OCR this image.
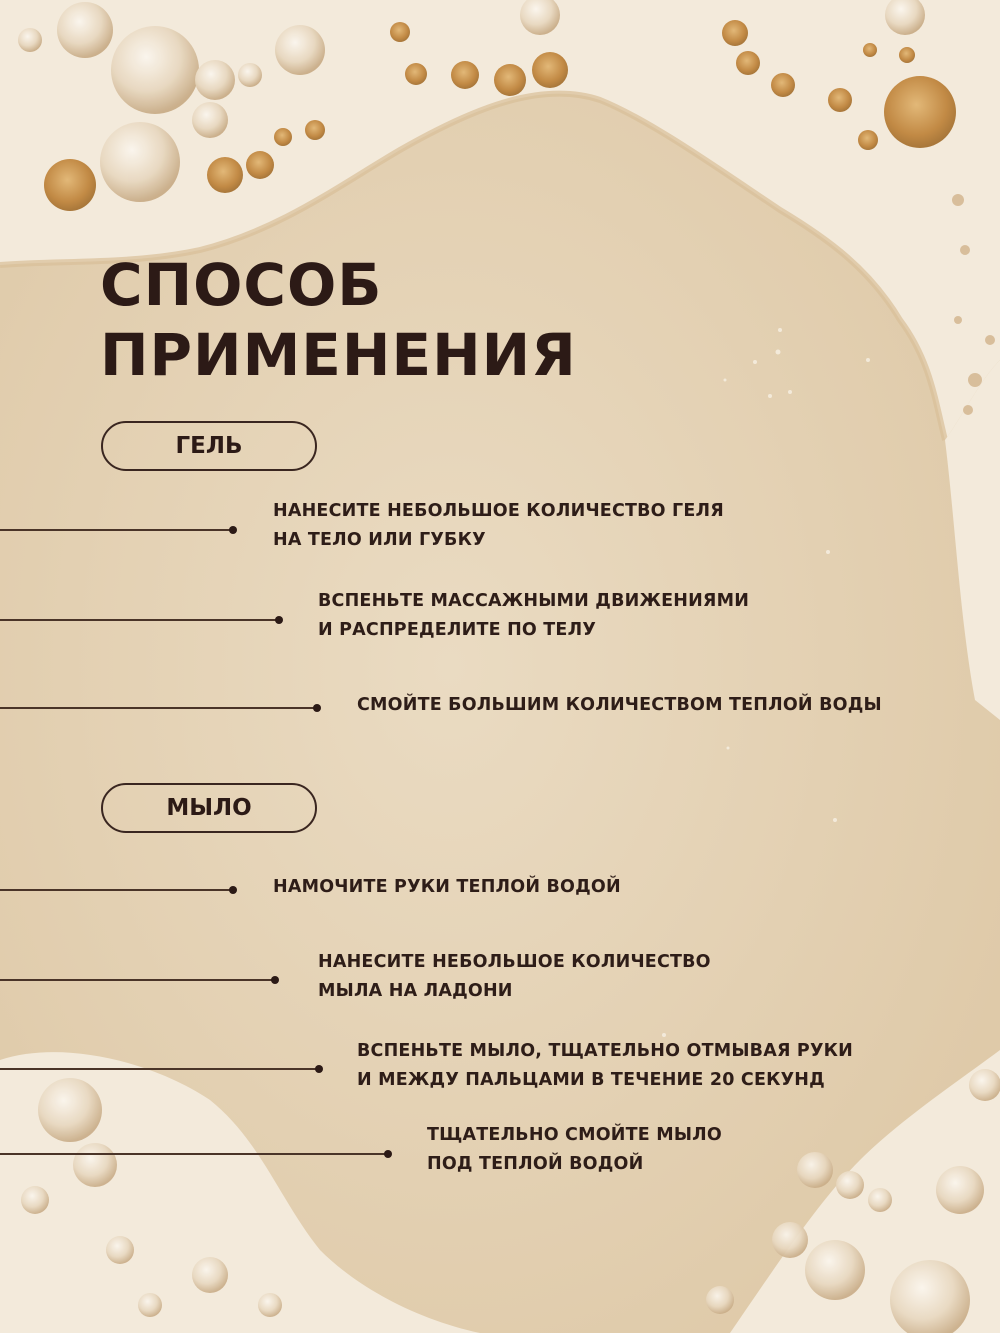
СПОСОБ
ПРИМЕНЕНИЯ
ГЕЛЬ
НАНЕСИТЕ НЕБОЛЬШОЕ КОЛИЧЕСТВО ГЕЛЯ
НА ТЕЛО ИЛИ ГУБКУ
ВСПЕНЬТЕ МАССАЖНЫМИ ДВИЖЕНИЯМИ
И РАСПРЕДЕЛИТЕ ПО ТЕЛУ
СМОЙТЕ БОЛЬШИМ КОЛИЧЕСТВОМ ТЕПЛОЙ ВОДЫ
МЫЛО
НАМОЧИТЕ РУКИ ТЕПЛОЙ ВОДОЙ
НАНЕСИТЕ НЕБОЛЬШОЕ КОЛИЧЕСТВО
МЫЛА НА ЛАДОНИ
ВСПЕНЬТЕ МЫЛО, ТЩАТЕЛЬНО ОТМЫВАЯ РУКИ
И МЕЖДУ ПАЛЬЦАМИ В ТЕЧЕНИЕ 20 СЕКУНД
ТЩАТЕЛЬНО СМОЙТЕ МЫЛО
ПОД ТЕПЛОЙ ВОДОЙ
